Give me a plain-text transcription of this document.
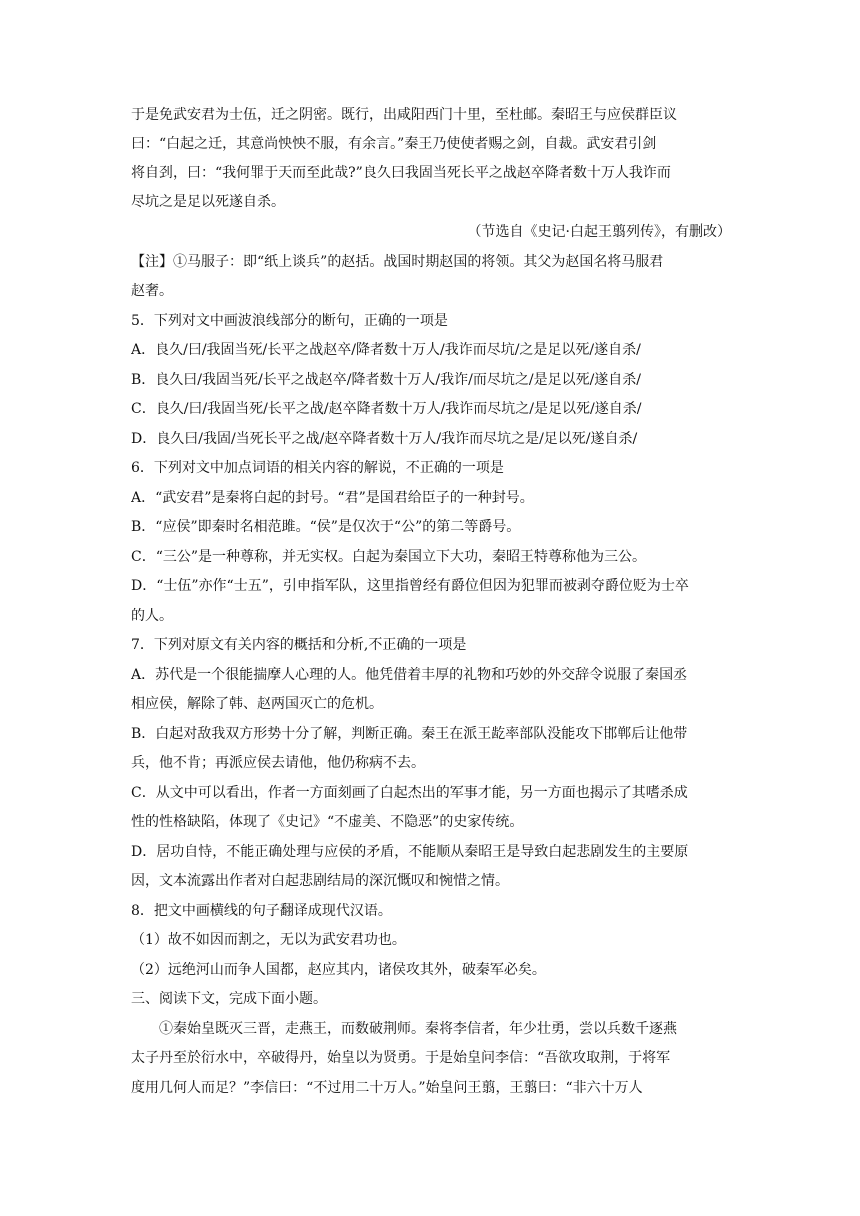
于是免武安君为士伍，迁之阴密。既行，出咸阳西门十里，至杜邮。秦昭王与应侯群臣议
曰：“白起之迁，其意尚怏怏不服，有余言。”秦王乃使使者赐之剑，自裁。武安君引剑
将自刭，曰：“我何罪于天而至此哉?”良久曰我固当死长平之战赵卒降者数十万人我诈而
尽坑之是足以死遂自杀。
（节选自《史记·白起王翦列传》，有删改）
【注】①马服子：即“纸上谈兵”的赵括。战国时期赵国的将领。其父为赵国名将马服君
赵奢。
5．下列对文中画波浪线部分的断句，正确的一项是
A．良久/曰/我固当死/长平之战赵卒/降者数十万人/我诈而尽坑/之是足以死/遂自杀/
B．良久曰/我固当死/长平之战赵卒/降者数十万人/我诈/而尽坑之/是足以死/遂自杀/
C．良久/曰/我固当死/长平之战/赵卒降者数十万人/我诈而尽坑之/是足以死/遂自杀/
D．良久曰/我固/当死长平之战/赵卒降者数十万人/我诈而尽坑之是/足以死/遂自杀/
6．下列对文中加点词语的相关内容的解说，不正确的一项是
A．“武安君”是秦将白起的封号。“君”是国君给臣子的一种封号。
B．“应侯”即秦时名相范雎。“侯”是仅次于“公”的第二等爵号。
C．“三公”是一种尊称，并无实权。白起为秦国立下大功，秦昭王特尊称他为三公。
D．“士伍”亦作“士五”，引申指军队，这里指曾经有爵位但因为犯罪而被剥夺爵位贬为士卒
的人。
7．下列对原文有关内容的概括和分析,不正确的一项是
A．苏代是一个很能揣摩人心理的人。他凭借着丰厚的礼物和巧妙的外交辞令说服了秦国丞
相应侯，解除了韩、赵两国灭亡的危机。
B．白起对敌我双方形势十分了解，判断正确。秦王在派王龁率部队没能攻下邯郸后让他带
兵，他不肯；再派应侯去请他，他仍称病不去。
C．从文中可以看出，作者一方面刻画了白起杰出的军事才能，另一方面也揭示了其嗜杀成
性的性格缺陷，体现了《史记》“不虚美、不隐恶”的史家传统。
D．居功自恃，不能正确处理与应侯的矛盾，不能顺从秦昭王是导致白起悲剧发生的主要原
因，文本流露出作者对白起悲剧结局的深沉慨叹和惋惜之情。
8．把文中画横线的句子翻译成现代汉语。
（1）故不如因而割之，无以为武安君功也。
（2）远绝河山而争人国都，赵应其内，诸侯攻其外，破秦军必矣。
三、阅读下文，完成下面小题。
①秦始皇既灭三晋，走燕王，而数破荆师。秦将李信者，年少壮勇，尝以兵数千逐燕
太子丹至於衍水中，卒破得丹，始皇以为贤勇。于是始皇问李信：“吾欲攻取荆，于将军
度用几何人而足？”李信曰：“不过用二十万人。”始皇问王翦，王翦曰：“非六十万人
